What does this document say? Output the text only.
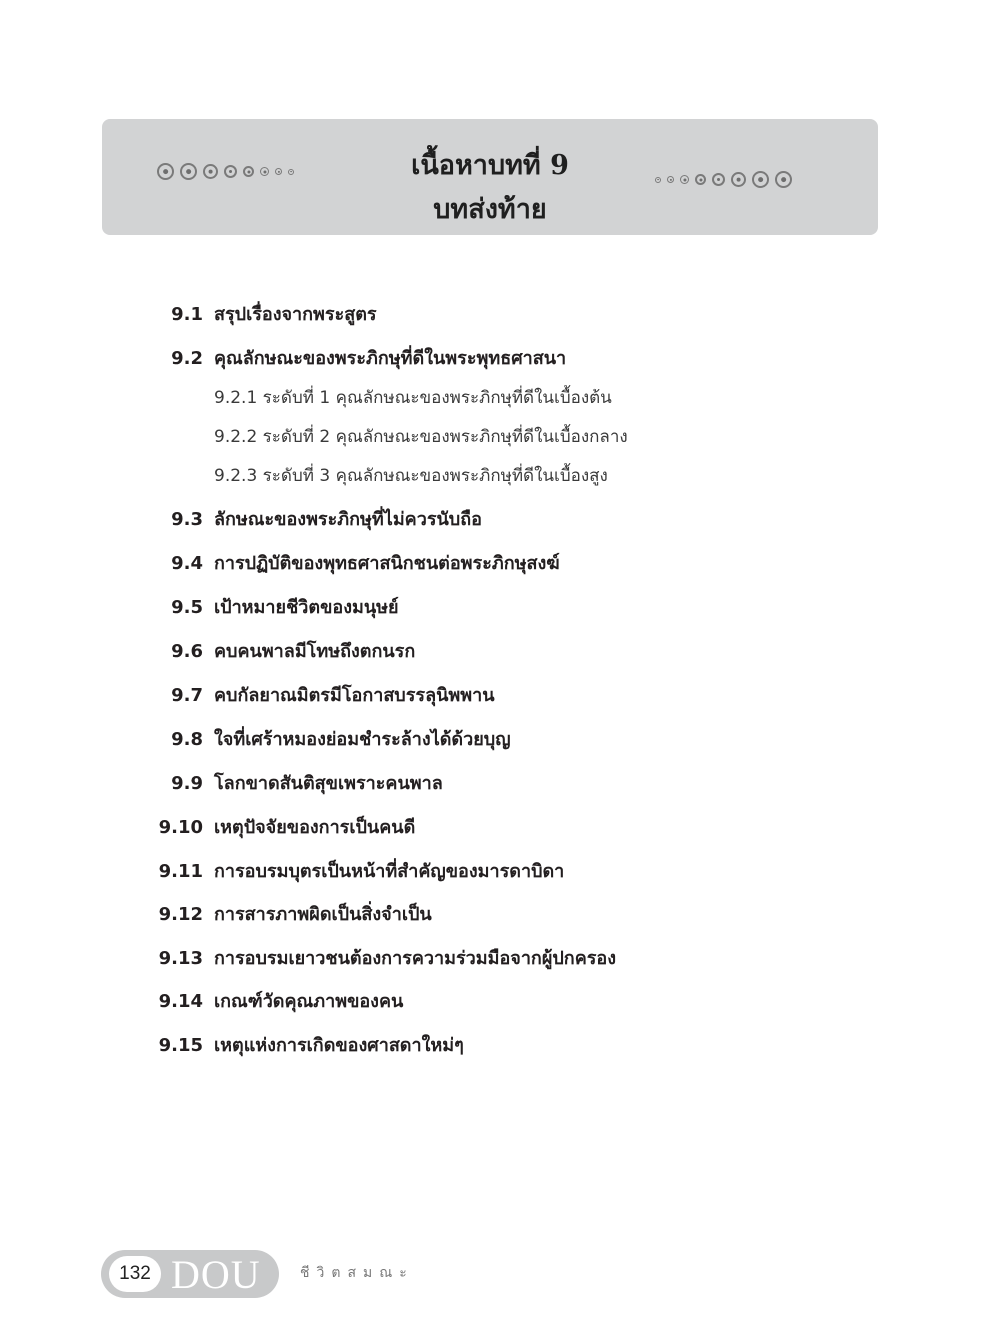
เนื้อหาบทที่ 9
บทส่งท้าย
9.1 สรุปเรื่องจากพระสูตร
9.2 คุณลักษณะของพระภิกษุที่ดีในพระพุทธศาสนา
9.2.1 ระดับที่ 1 คุณลักษณะของพระภิกษุที่ดีในเบื้องต้น
9.2.2 ระดับที่ 2 คุณลักษณะของพระภิกษุที่ดีในเบื้องกลาง
9.2.3 ระดับที่ 3 คุณลักษณะของพระภิกษุที่ดีในเบื้องสูง
9.3 ลักษณะของพระภิกษุที่ไม่ควรนับถือ
9.4 การปฏิบัติของพุทธศาสนิกชนต่อพระภิกษุสงฆ์
9.5 เป้าหมายชีวิตของมนุษย์
9.6 คบคนพาลมีโทษถึงตกนรก
9.7 คบกัลยาณมิตรมีโอกาสบรรลุนิพพาน
9.8 ใจที่เศร้าหมองย่อมชำระล้างได้ด้วยบุญ
9.9 โลกขาดสันติสุขเพราะคนพาล
9.10 เหตุปัจจัยของการเป็นคนดี
9.11 การอบรมบุตรเป็นหน้าที่สำคัญของมารดาบิดา
9.12 การสารภาพผิดเป็นสิ่งจำเป็น
9.13 การอบรมเยาวชนต้องการความร่วมมือจากผู้ปกครอง
9.14 เกณฑ์วัดคุณภาพของคน
9.15 เหตุแห่งการเกิดของศาสดาใหม่ๆ
132 DOU	ชีวิตสมณะ
